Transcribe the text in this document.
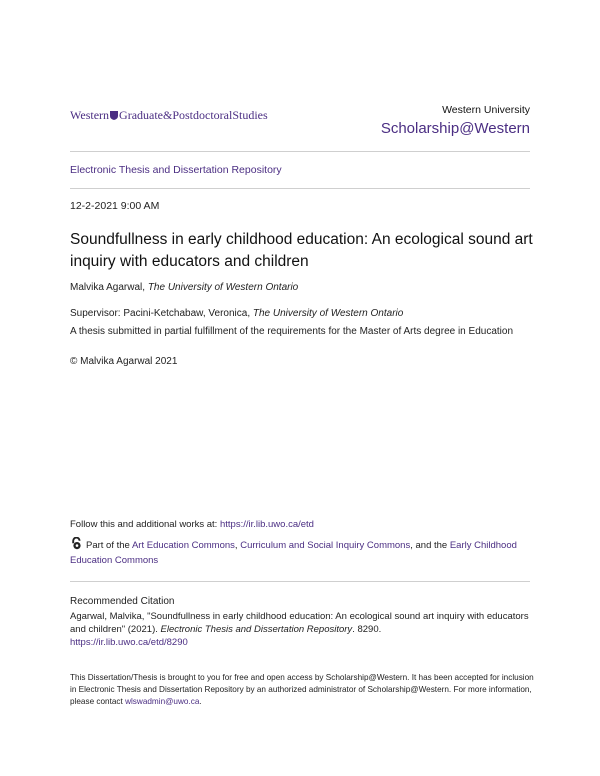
Western Graduate&PostdoctoralStudies	Western University
Scholarship@Western
Electronic Thesis and Dissertation Repository
12-2-2021 9:00 AM
Soundfullness in early childhood education: An ecological sound art inquiry with educators and children
Malvika Agarwal, The University of Western Ontario
Supervisor: Pacini-Ketchabaw, Veronica, The University of Western Ontario
A thesis submitted in partial fulfillment of the requirements for the Master of Arts degree in Education
© Malvika Agarwal 2021
Follow this and additional works at: https://ir.lib.uwo.ca/etd
Part of the Art Education Commons, Curriculum and Social Inquiry Commons, and the Early Childhood Education Commons
Recommended Citation
Agarwal, Malvika, "Soundfullness in early childhood education: An ecological sound art inquiry with educators and children" (2021). Electronic Thesis and Dissertation Repository. 8290.
https://ir.lib.uwo.ca/etd/8290
This Dissertation/Thesis is brought to you for free and open access by Scholarship@Western. It has been accepted for inclusion in Electronic Thesis and Dissertation Repository by an authorized administrator of Scholarship@Western. For more information, please contact wlswadmin@uwo.ca.
